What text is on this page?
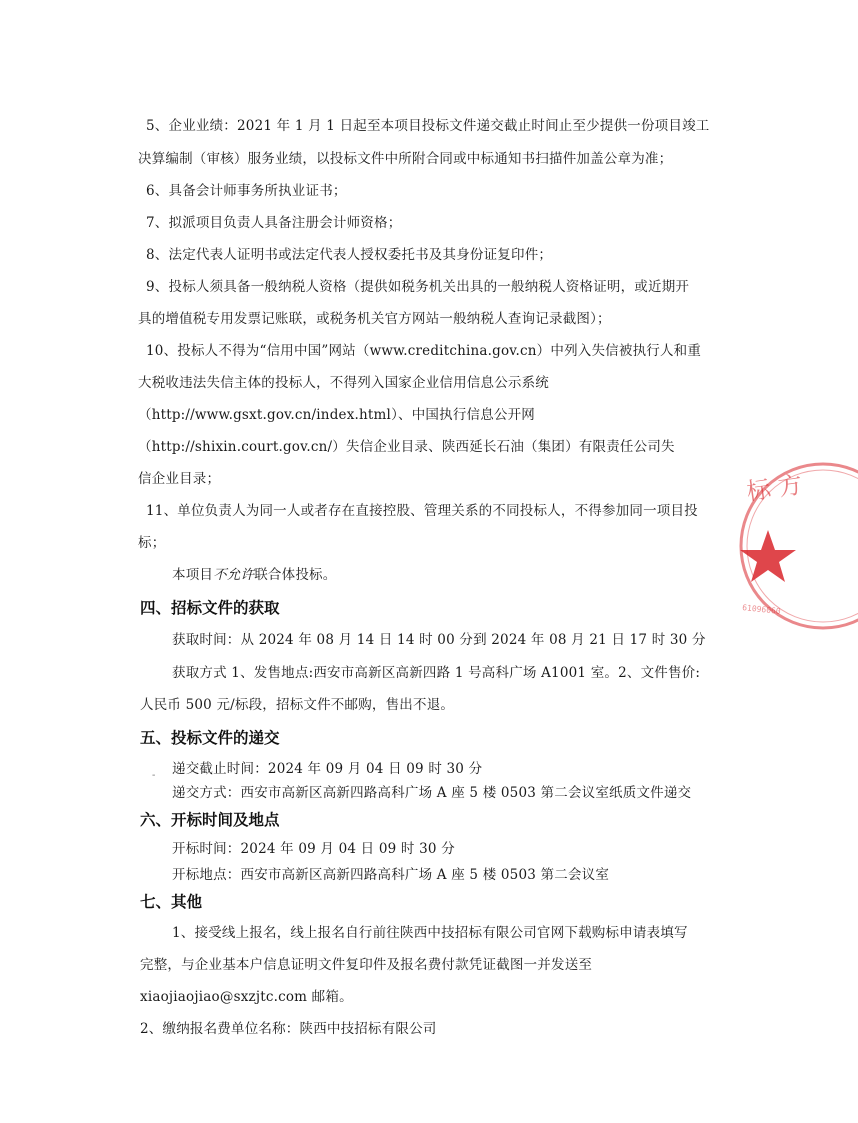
5、企业业绩：2021 年 1 月 1 日起至本项目投标文件递交截止时间止至少提供一份项目竣工
决算编制（审核）服务业绩，以投标文件中所附合同或中标通知书扫描件加盖公章为准；
6、具备会计师事务所执业证书；
7、拟派项目负责人具备注册会计师资格；
8、法定代表人证明书或法定代表人授权委托书及其身份证复印件；
9、投标人须具备一般纳税人资格（提供如税务机关出具的一般纳税人资格证明，或近期开
具的增值税专用发票记账联，或税务机关官方网站一般纳税人查询记录截图）；
10、投标人不得为“信用中国”网站（www.creditchina.gov.cn）中列入失信被执行人和重
大税收违法失信主体的投标人，不得列入国家企业信用信息公示系统
（http://www.gsxt.gov.cn/index.html）、中国执行信息公开网
（http://shixin.court.gov.cn/）失信企业目录、陕西延长石油（集团）有限责任公司失
信企业目录；
11、单位负责人为同一人或者存在直接控股、管理关系的不同投标人，不得参加同一项目投
标；
本项目不允许联合体投标。
四、招标文件的获取
获取时间：从 2024 年 08 月 14 日 14 时 00 分到 2024 年 08 月 21 日 17 时 30 分
获取方式 1、发售地点:西安市高新区高新四路 1 号高科广场 A1001 室。2、文件售价:
人民币 500 元/标段，招标文件不邮购，售出不退。
五、投标文件的递交
递交截止时间：2024 年 09 月 04 日 09 时 30 分
-
递交方式：西安市高新区高新四路高科广场 A 座 5 楼 0503 第二会议室纸质文件递交
六、开标时间及地点
开标时间：2024 年 09 月 04 日 09 时 30 分
开标地点：西安市高新区高新四路高科广场 A 座 5 楼 0503 第二会议室
七、其他
1、接受线上报名，线上报名自行前往陕西中技招标有限公司官网下载购标申请表填写
完整，与企业基本户信息证明文件复印件及报名费付款凭证截图一并发送至
xiaojiaojiao@sxzjtc.com 邮箱。
2、缴纳报名费单位名称：陕西中技招标有限公司
标 方
61096060
